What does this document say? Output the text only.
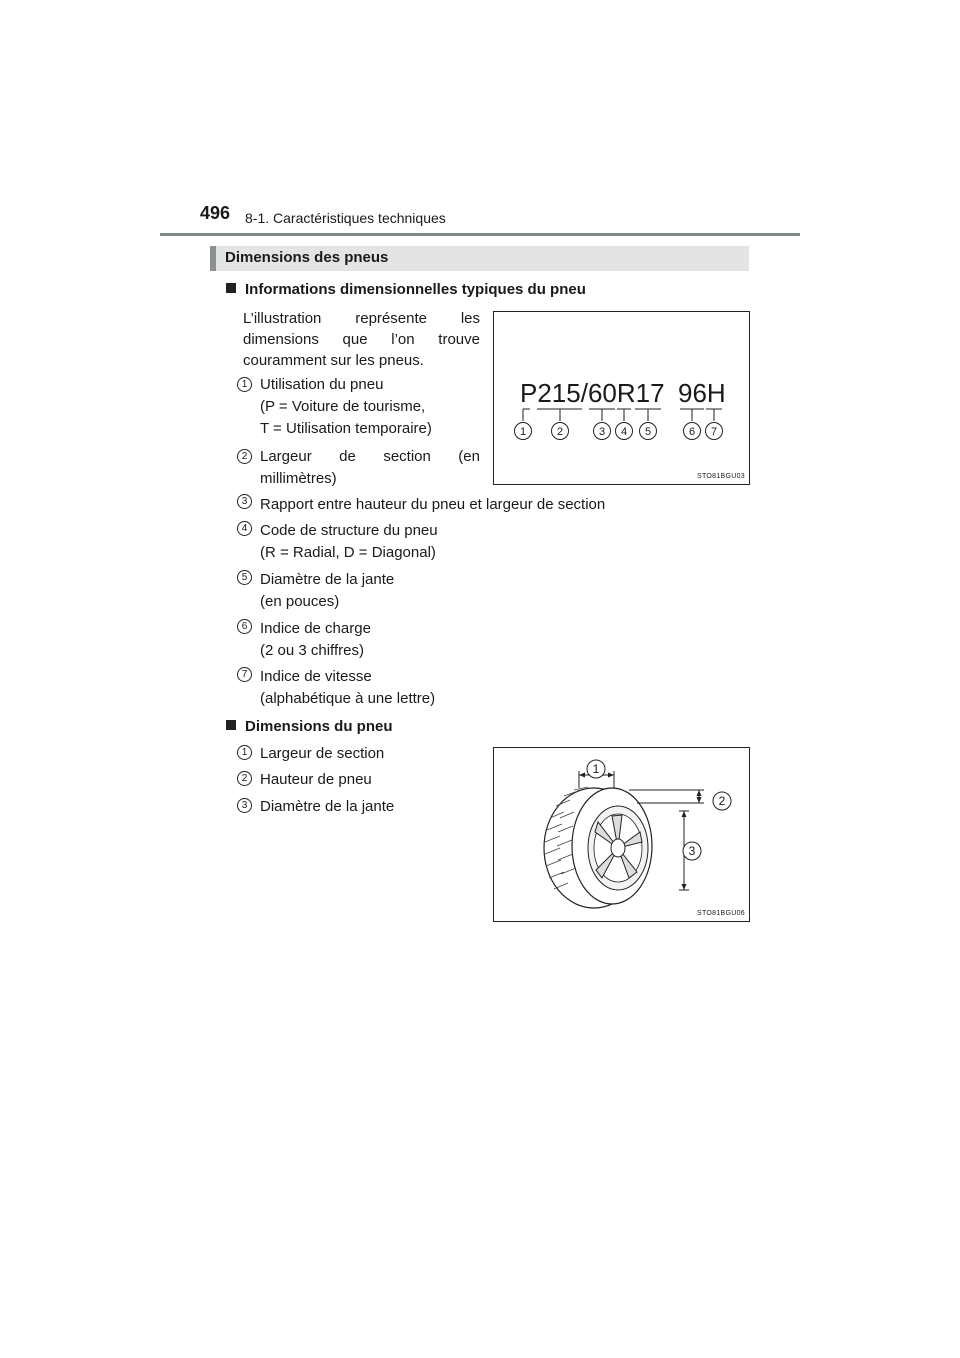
496 8-1. Caractéristiques techniques
Dimensions des pneus
Informations dimensionnelles typiques du pneu
L’illustration représente les
dimensions que l’on trouve
couramment sur les pneus.
1 Utilisation du pneu
(P = Voiture de tourisme,
T = Utilisation temporaire)
2 Largeur de section (en
millimètres)
3 Rapport entre hauteur du pneu et largeur de section
4 Code de structure du pneu
(R = Radial, D = Diagonal)
5 Diamètre de la jante
(en pouces)
6 Indice de charge
(2 ou 3 chiffres)
7 Indice de vitesse
(alphabétique à une lettre)
P215/60R17 96H
1	2	3 4 5	6 7
STO81BGU03
Dimensions du pneu
1 Largeur de section
2 Hauteur de pneu
3 Diamètre de la jante
1
2
3
STO81BGU06
